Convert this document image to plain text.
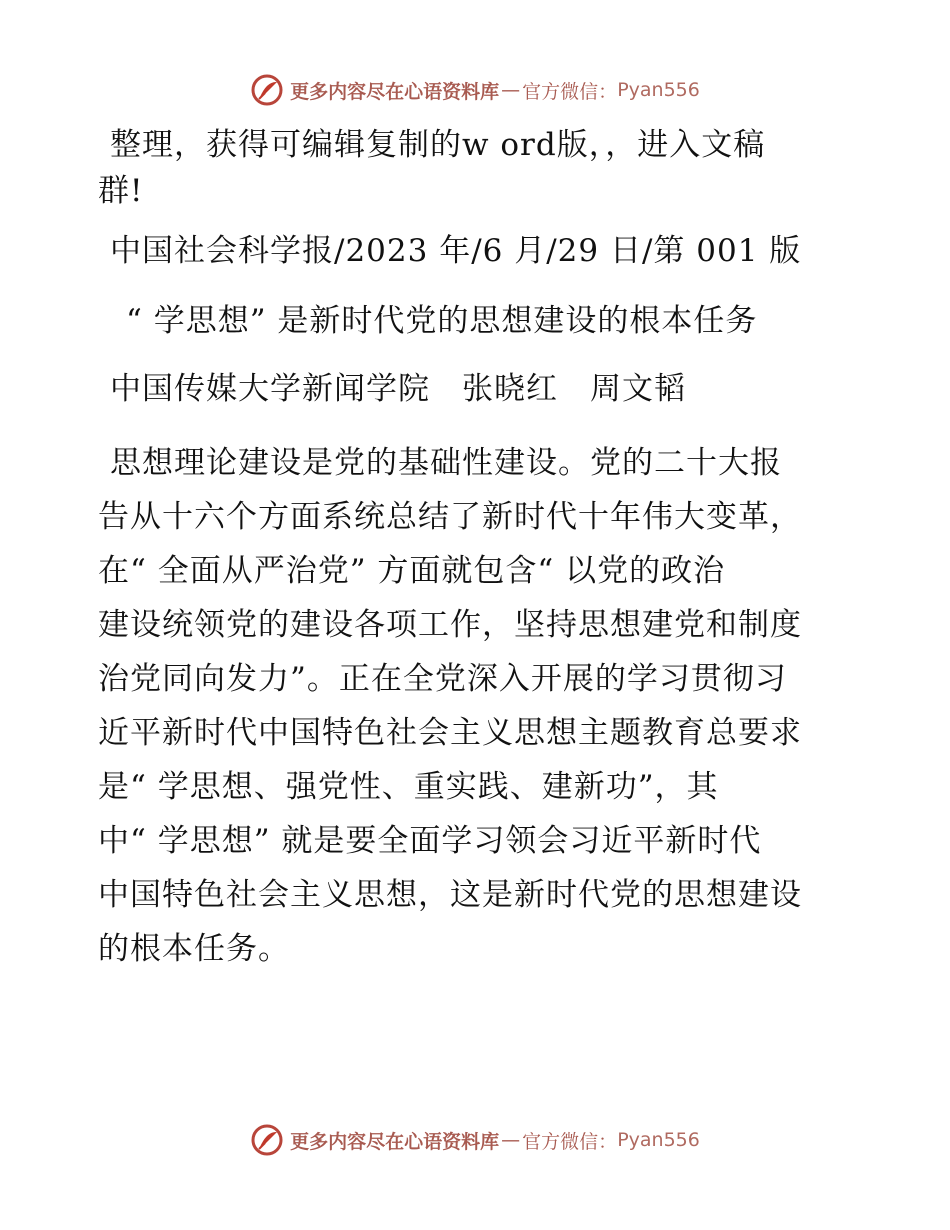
更多内容尽在心语资料库 — 官方微信： Pyan556
整理，获得可编辑复制的w ord版，，进入文稿
群!
中国社会科学报/2023 年/6 月/29 日/第 001 版
“ 学思想” 是新时代党的思想建设的根本任务
中国传媒大学新闻学院　张晓红　周文韬
思想理论建设是党的基础性建设。党的二十大报
告从十六个方面系统总结了新时代十年伟大变革，
在“ 全面从严治党” 方面就包含“ 以党的政治
建设统领党的建设各项工作，坚持思想建党和制度
治党同向发力”。正在全党深入开展的学习贯彻习
近平新时代中国特色社会主义思想主题教育总要求
是“ 学思想、强党性、重实践、建新功”，其
中“ 学思想” 就是要全面学习领会习近平新时代
中国特色社会主义思想，这是新时代党的思想建设
的根本任务。
更多内容尽在心语资料库 — 官方微信： Pyan556
